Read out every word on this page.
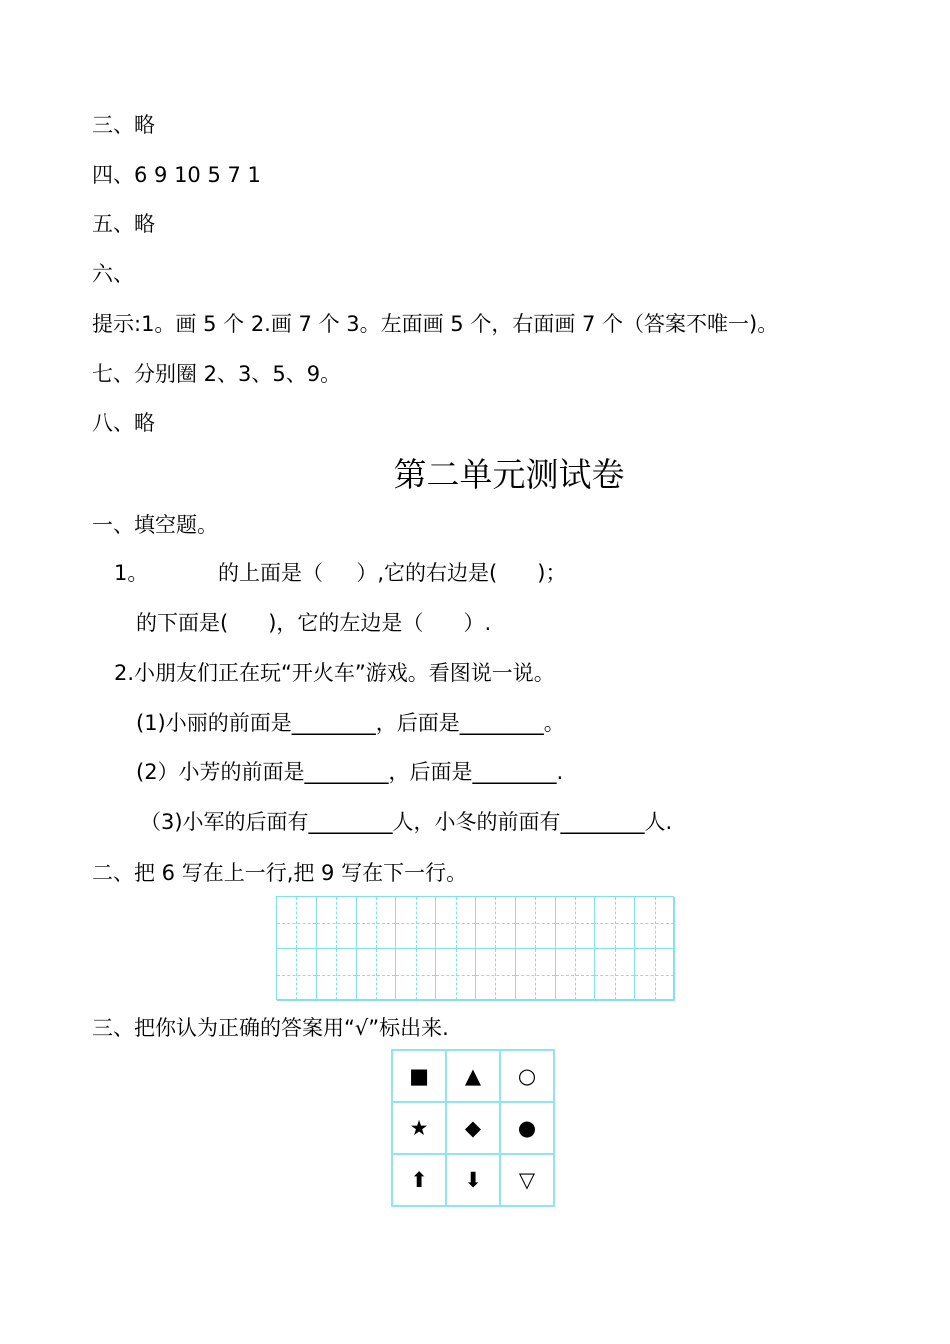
三、略
四、6 9 10 5 7 1
五、略
六、
提示:1。画 5 个 2.画 7 个 3。左面画 5 个，右面画 7 个（答案不唯一)。
七、分别圈 2、3、5、9。
八、略
第二单元测试卷
一、填空题。
1。	的上面是（     ）,它的右边是(      )；
的下面是(      )，它的左边是（      ）.
2.小朋友们正在玩“开火车”游戏。看图说一说。
(1)小丽的前面是________，后面是________。
(2）小芳的前面是________，后面是________.
（3)小军的后面有________人，小冬的前面有________人.
二、把 6 写在上一行,把 9 写在下一行。
三、把你认为正确的答案用“√”标出来.
■	▲	○
★	◆	●
⬆	⬇	▽
